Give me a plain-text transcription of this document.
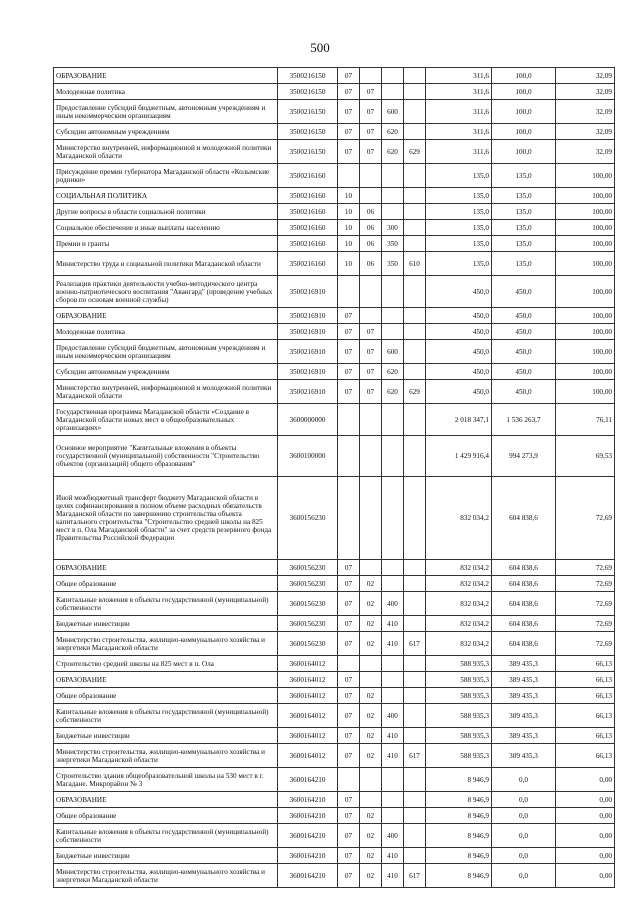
500
ОБРАЗОВАНИЕ	3500216150	07				311,6	100,0	32,09
Молодежная политика	3500216150	07	07			311,6	100,0	32,09
Предоставление субсидий бюджетным, автономным учреждениям и иным некоммерческим организациям	3500216150	07	07	600		311,6	100,0	32,09
Субсидии автономным учреждениям	3500216150	07	07	620		311,6	100,0	32,09
Министерство внутренней, информационной и молодежной политики Магаданской области	3500216150	07	07	620	629	311,6	100,0	32,09
Присуждение премии губернатора Магаданской области «Колымские родники»	3500216160					135,0	135,0	100,00
СОЦИАЛЬНАЯ ПОЛИТИКА	3500216160	10				135,0	135,0	100,00
Другие вопросы в области социальной политики	3500216160	10	06			135,0	135,0	100,00
Социальное обеспечение и иные выплаты населению	3500216160	10	06	300		135,0	135,0	100,00
Премии и гранты	3500216160	10	06	350		135,0	135,0	100,00
Министерство труда и социальной политики Магаданской области	3500216160	10	06	350	610	135,0	135,0	100,00
Реализация практики деятельности учебно-методического центра военно-патриотического воспитания "Авангард" (проведение учебных сборов по основам военной службы)	3500216910					450,0	450,0	100,00
ОБРАЗОВАНИЕ	3500216910	07				450,0	450,0	100,00
Молодежная политика	3500216910	07	07			450,0	450,0	100,00
Предоставление субсидий бюджетным, автономным учреждениям и иным некоммерческим организациям	3500216910	07	07	600		450,0	450,0	100,00
Субсидии автономным учреждениям	3500216910	07	07	620		450,0	450,0	100,00
Министерство внутренней, информационной и молодежной политики Магаданской области	3500216910	07	07	620	629	450,0	450,0	100,00
Государственная программа Магаданской области «Создание в Магаданской области новых мест в общеобразовательных организациях»	3600000000					2 018 347,1	1 536 263,7	76,11
Основное мероприятие "Капитальные вложения в объекты государственной (муниципальной) собственности "Строительство объектов (организаций) общего образования"	3600100000					1 429 916,4	994 273,9	69,53
Иной межбюджетный трансферт бюджету Магаданской области в целях софинансирования в полном объеме расходных обязательств Магаданской области по завершению строительства объекта капитального строительства "Строительство средней школы на 825 мест в п. Ола Магаданской области" за счет средств резервного фонда Правительства Российской Федерации	3600156230					832 034,2	604 838,6	72,69
ОБРАЗОВАНИЕ	3600156230	07				832 034,2	604 838,6	72,69
Общее образование	3600156230	07	02			832 034,2	604 838,6	72,69
Капитальные вложения в объекты государственной (муниципальной) собственности	3600156230	07	02	400		832 034,2	604 838,6	72,69
Бюджетные инвестиции	3600156230	07	02	410		832 034,2	604 838,6	72,69
Министерство строительства, жилищно-коммунального хозяйства и энергетики Магаданской области	3600156230	07	02	410	617	832 034,2	604 838,6	72,69
Строительство средней школы на 825 мест в п. Ола	3600164012					588 935,3	389 435,3	66,13
ОБРАЗОВАНИЕ	3600164012	07				588 935,3	389 435,3	66,13
Общее образование	3600164012	07	02			588 935,3	389 435,3	66,13
Капитальные вложения в объекты государственной (муниципальной) собственности	3600164012	07	02	400		588 935,3	389 435,3	66,13
Бюджетные инвестиции	3600164012	07	02	410		588 935,3	389 435,3	66,13
Министерство строительства, жилищно-коммунального хозяйства и энергетики Магаданской области	3600164012	07	02	410	617	588 935,3	389 435,3	66,13
Строительство здания общеобразовательной школы на 530 мест в г. Магадане. Микрорайон № 3	3600164210					8 946,9	0,0	0,00
ОБРАЗОВАНИЕ	3600164210	07				8 946,9	0,0	0,00
Общее образование	3600164210	07	02			8 946,9	0,0	0,00
Капитальные вложения в объекты государственной (муниципальной) собственности	3600164210	07	02	400		8 946,9	0,0	0,00
Бюджетные инвестиции	3600164210	07	02	410		8 946,9	0,0	0,00
Министерство строительства, жилищно-коммунального хозяйства и энергетики Магаданской области	3600164210	07	02	410	617	8 946,9	0,0	0,00
